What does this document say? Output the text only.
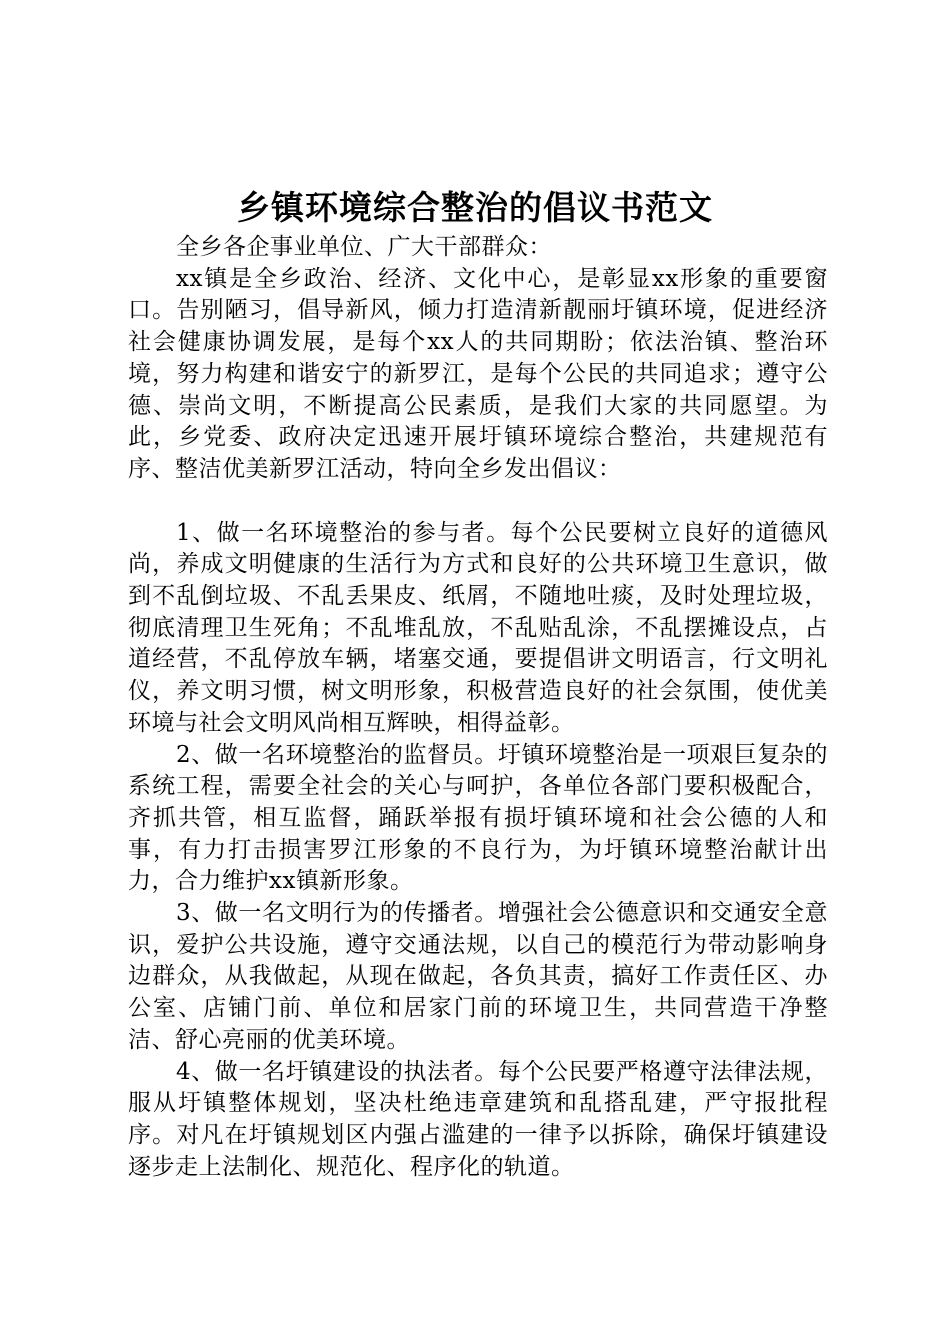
乡镇环境综合整治的倡议书范文

全乡各企事业单位、广大干部群众：

xx镇是全乡政治、经济、文化中心，是彰显xx形象的重要窗口。告别陋习，倡导新风，倾力打造清新靓丽圩镇环境，促进经济社会健康协调发展，是每个xx人的共同期盼；依法治镇、整治环境，努力构建和谐安宁的新罗江，是每个公民的共同追求；遵守公德、崇尚文明，不断提高公民素质，是我们大家的共同愿望。为此，乡党委、政府决定迅速开展圩镇环境综合整治，共建规范有序、整洁优美新罗江活动，特向全乡发出倡议：

1、做一名环境整治的参与者。每个公民要树立良好的道德风尚，养成文明健康的生活行为方式和良好的公共环境卫生意识，做到不乱倒垃圾、不乱丢果皮、纸屑，不随地吐痰，及时处理垃圾，彻底清理卫生死角；不乱堆乱放，不乱贴乱涂，不乱摆摊设点，占道经营，不乱停放车辆，堵塞交通，要提倡讲文明语言，行文明礼仪，养文明习惯，树文明形象，积极营造良好的社会氛围，使优美环境与社会文明风尚相互辉映，相得益彰。

2、做一名环境整治的监督员。圩镇环境整治是一项艰巨复杂的系统工程，需要全社会的关心与呵护，各单位各部门要积极配合，齐抓共管，相互监督，踊跃举报有损圩镇环境和社会公德的人和事，有力打击损害罗江形象的不良行为，为圩镇环境整治献计出力，合力维护xx镇新形象。

3、做一名文明行为的传播者。增强社会公德意识和交通安全意识，爱护公共设施，遵守交通法规，以自己的模范行为带动影响身边群众，从我做起，从现在做起，各负其责，搞好工作责任区、办公室、店铺门前、单位和居家门前的环境卫生，共同营造干净整洁、舒心亮丽的优美环境。

4、做一名圩镇建设的执法者。每个公民要严格遵守法律法规，服从圩镇整体规划，坚决杜绝违章建筑和乱搭乱建，严守报批程序。对凡在圩镇规划区内强占滥建的一律予以拆除，确保圩镇建设逐步走上法制化、规范化、程序化的轨道。
